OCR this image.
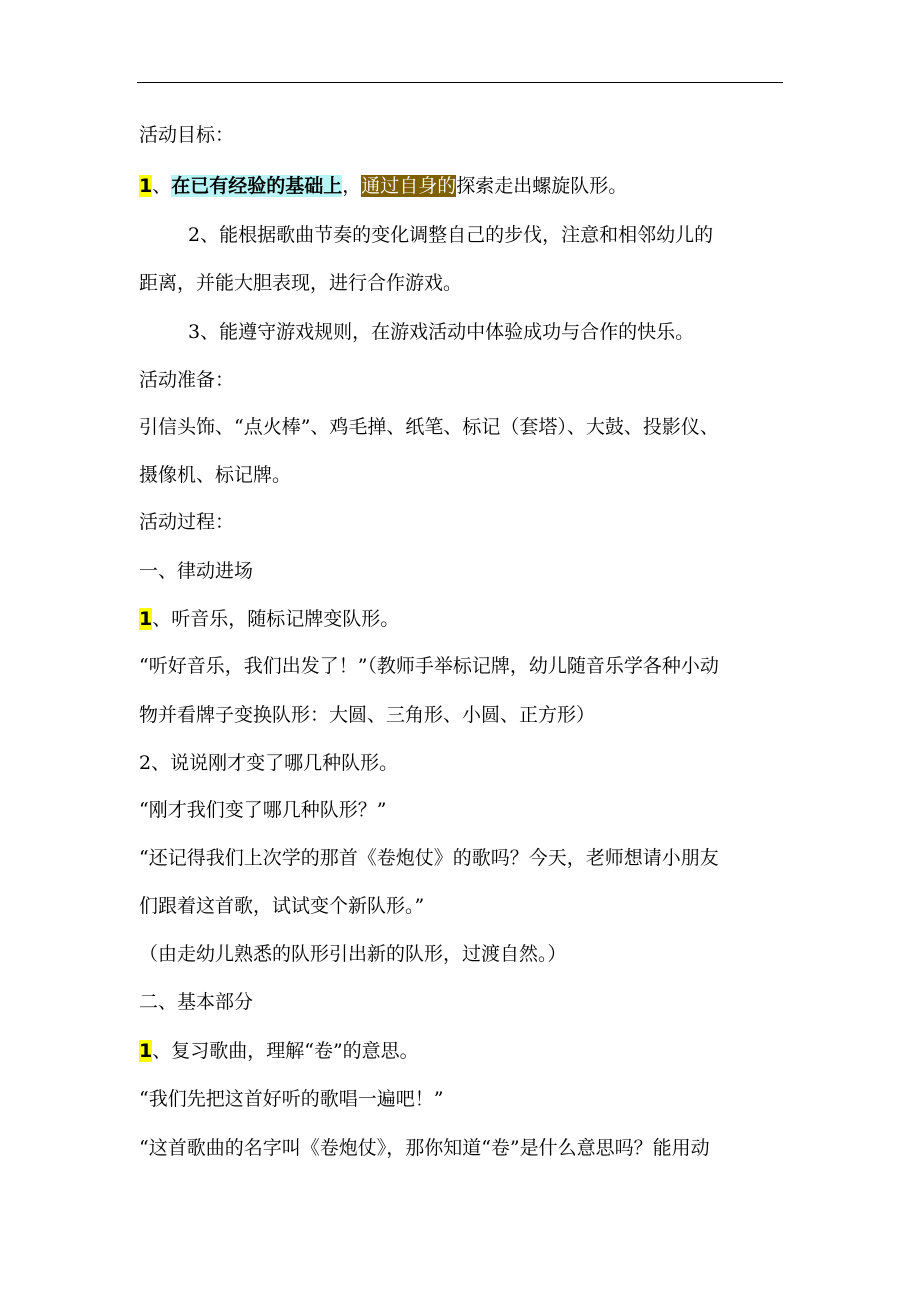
活动目标：
1、在已有经验的基础上，通过自身的探索走出螺旋队形。
2、能根据歌曲节奏的变化调整自己的步伐，注意和相邻幼儿的
距离，并能大胆表现，进行合作游戏。
3、能遵守游戏规则，在游戏活动中体验成功与合作的快乐。
活动准备：
引信头饰、“点火棒”、鸡毛掸、纸笔、标记（套塔）、大鼓、投影仪、
摄像机、标记牌。
活动过程：
一、律动进场
1、听音乐，随标记牌变队形。
“听好音乐，我们出发了！”（教师手举标记牌，幼儿随音乐学各种小动
物并看牌子变换队形：大圆、三角形、小圆、正方形）
2、说说刚才变了哪几种队形。
“刚才我们变了哪几种队形？”
“还记得我们上次学的那首《卷炮仗》的歌吗？今天，老师想请小朋友
们跟着这首歌，试试变个新队形。”
（由走幼儿熟悉的队形引出新的队形，过渡自然。）
二、基本部分
1、复习歌曲，理解“卷”的意思。
“我们先把这首好听的歌唱一遍吧！”
“这首歌曲的名字叫《卷炮仗》，那你知道“卷”是什么意思吗？能用动
